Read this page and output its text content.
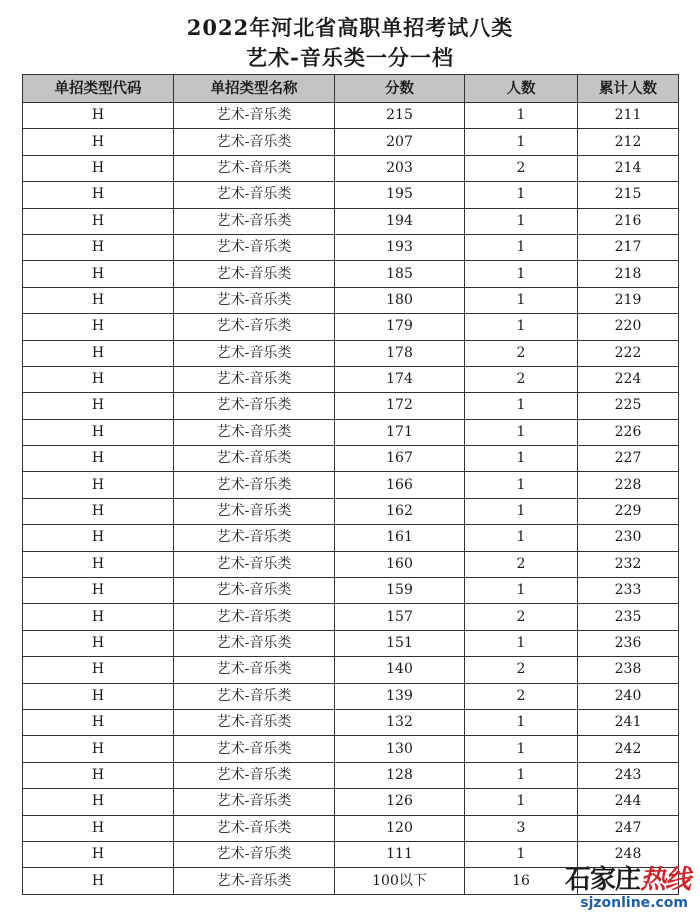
2022年河北省高职单招考试八类
艺术-音乐类一分一档
单招类型代码	单招类型名称	分数	人数	累计人数
H	艺术-音乐类	215	1	211
H	艺术-音乐类	207	1	212
H	艺术-音乐类	203	2	214
H	艺术-音乐类	195	1	215
H	艺术-音乐类	194	1	216
H	艺术-音乐类	193	1	217
H	艺术-音乐类	185	1	218
H	艺术-音乐类	180	1	219
H	艺术-音乐类	179	1	220
H	艺术-音乐类	178	2	222
H	艺术-音乐类	174	2	224
H	艺术-音乐类	172	1	225
H	艺术-音乐类	171	1	226
H	艺术-音乐类	167	1	227
H	艺术-音乐类	166	1	228
H	艺术-音乐类	162	1	229
H	艺术-音乐类	161	1	230
H	艺术-音乐类	160	2	232
H	艺术-音乐类	159	1	233
H	艺术-音乐类	157	2	235
H	艺术-音乐类	151	1	236
H	艺术-音乐类	140	2	238
H	艺术-音乐类	139	2	240
H	艺术-音乐类	132	1	241
H	艺术-音乐类	130	1	242
H	艺术-音乐类	128	1	243
H	艺术-音乐类	126	1	244
H	艺术-音乐类	120	3	247
H	艺术-音乐类	111	1	248
H	艺术-音乐类	100以下	16	石家庄热线
sjzonline.com
